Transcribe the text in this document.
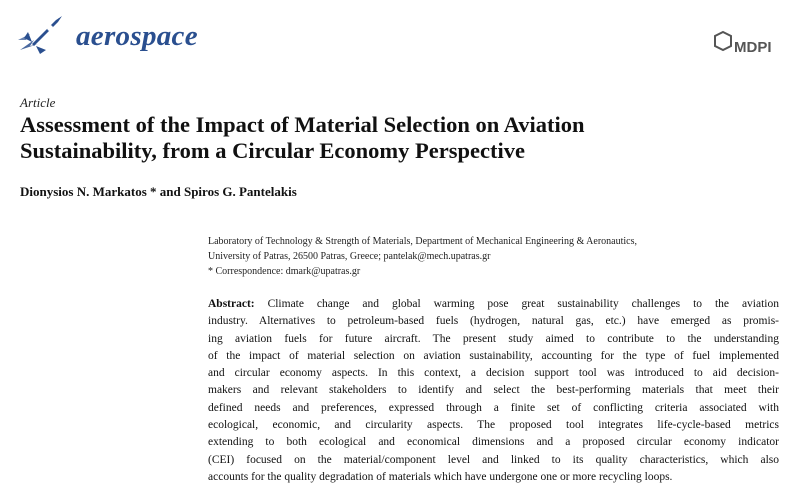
aerospace	MDPI
Article
Assessment of the Impact of Material Selection on Aviation
Sustainability, from a Circular Economy Perspective
Dionysios N. Markatos * and Spiros G. Pantelakis
Laboratory of Technology & Strength of Materials, Department of Mechanical Engineering & Aeronautics,
University of Patras, 26500 Patras, Greece; pantelak@mech.upatras.gr
* Correspondence: dmark@upatras.gr
Abstract: Climate change and global warming pose great sustainability challenges to the aviation
industry. Alternatives to petroleum-based fuels (hydrogen, natural gas, etc.) have emerged as promis-
ing aviation fuels for future aircraft. The present study aimed to contribute to the understanding
of the impact of material selection on aviation sustainability, accounting for the type of fuel implemented
and circular economy aspects. In this context, a decision support tool was introduced to aid decision-
makers and relevant stakeholders to identify and select the best-performing materials that meet their
defined needs and preferences, expressed through a finite set of conflicting criteria associated with
ecological, economic, and circularity aspects. The proposed tool integrates life-cycle-based metrics
extending to both ecological and economical dimensions and a proposed circular economy indicator
(CEI) focused on the material/component level and linked to its quality characteristics, which also
accounts for the quality degradation of materials which have undergone one or more recycling loops.
